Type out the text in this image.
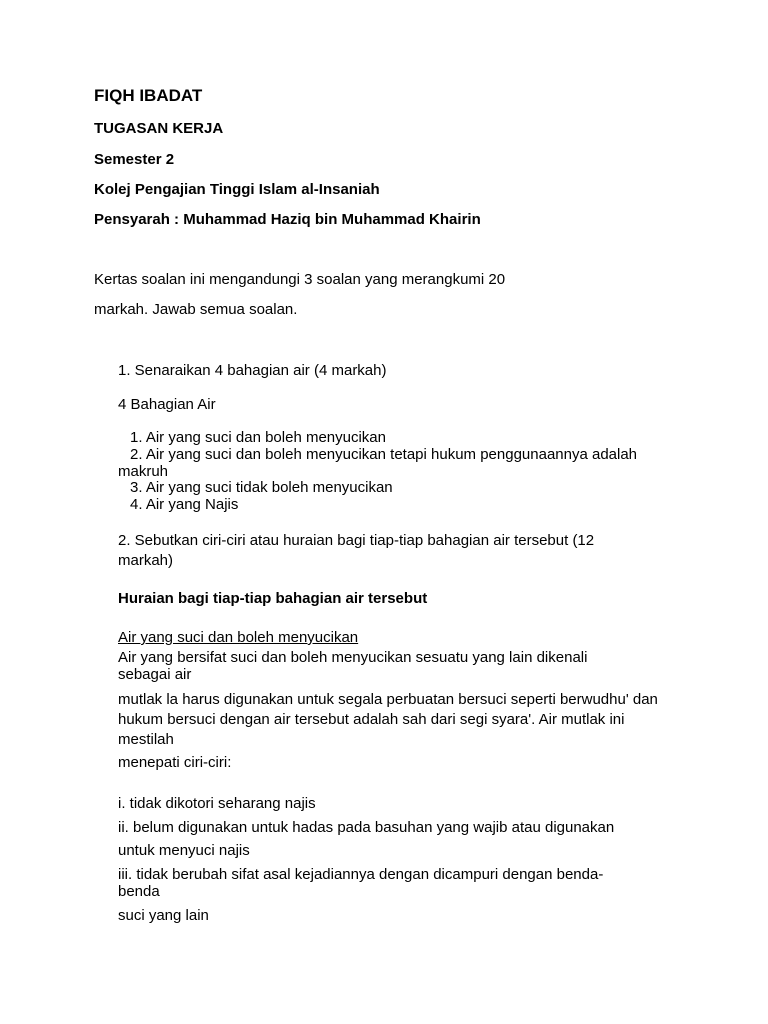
FIQH IBADAT

TUGASAN KERJA

Semester 2

Kolej Pengajian Tinggi Islam al-Insaniah

Pensyarah : Muhammad Haziq bin Muhammad Khairin

Kertas soalan ini mengandungi 3 soalan yang merangkumi 20

markah. Jawab semua soalan.

1. Senaraikan 4 bahagian air (4 markah)

4 Bahagian Air

1. Air yang suci dan boleh menyucikan

2. Air yang suci dan boleh menyucikan tetapi hukum penggunaannya adalah makruh

3. Air yang suci tidak boleh menyucikan

4. Air yang Najis

2. Sebutkan ciri-ciri atau huraian bagi tiap-tiap bahagian air tersebut (12 markah)

Huraian bagi tiap-tiap bahagian air tersebut

Air yang suci dan boleh menyucikan

Air yang bersifat suci dan boleh menyucikan sesuatu yang lain dikenali sebagai air

mutlak la harus digunakan untuk segala perbuatan bersuci seperti berwudhu' dan hukum bersuci dengan air tersebut adalah sah dari segi syara'. Air mutlak ini mestilah

menepati ciri-ciri:

i. tidak dikotori seharang najis

ii. belum digunakan untuk hadas pada basuhan yang wajib atau digunakan

untuk menyuci najis

iii. tidak berubah sifat asal kejadiannya dengan dicampuri dengan benda-benda

suci yang lain
